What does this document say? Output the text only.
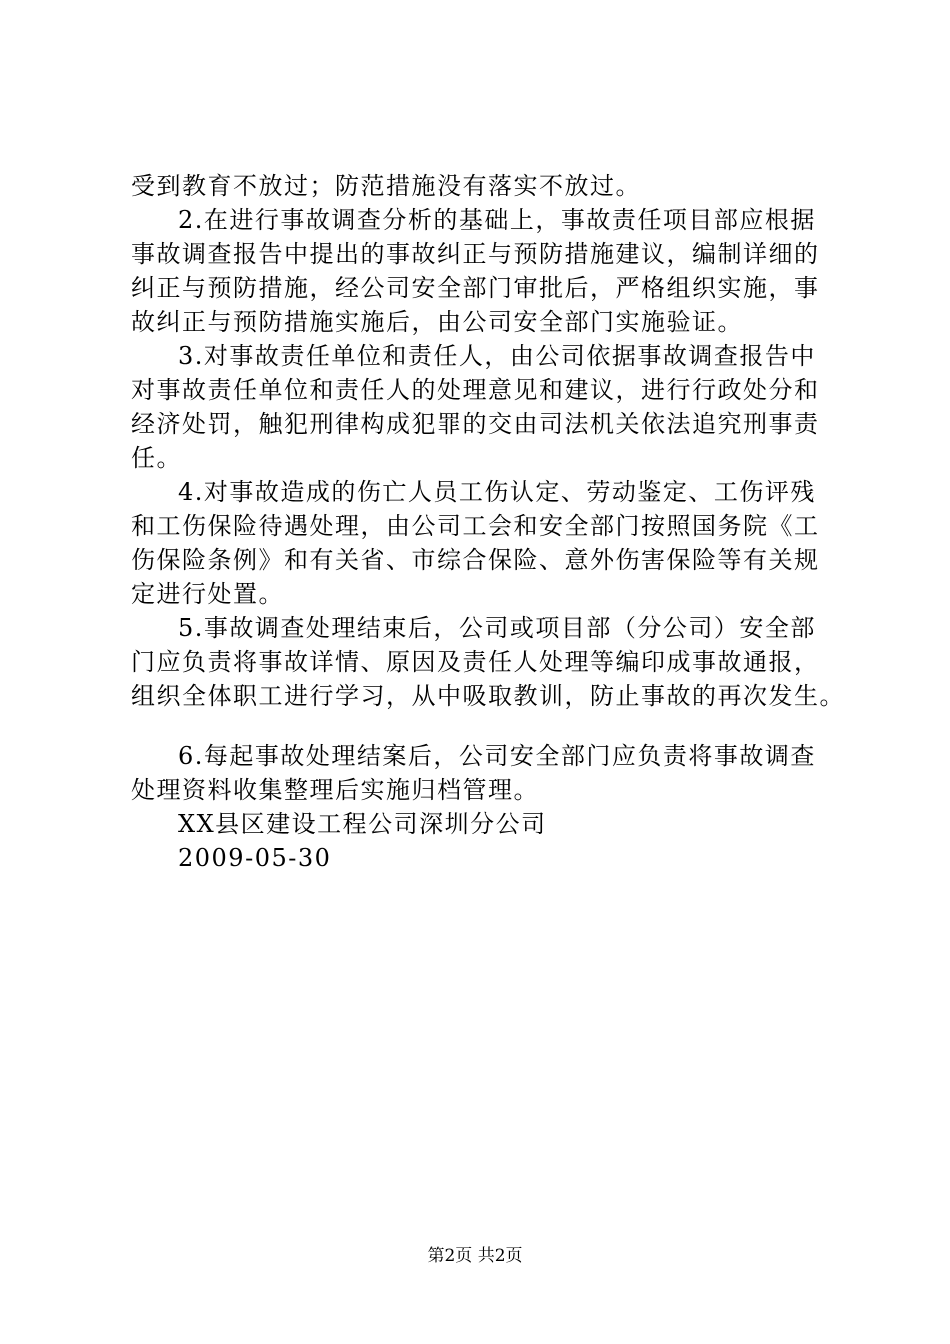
受到教育不放过；防范措施没有落实不放过。
2.在进行事故调查分析的基础上，事故责任项目部应根据
事故调查报告中提出的事故纠正与预防措施建议，编制详细的
纠正与预防措施，经公司安全部门审批后，严格组织实施，事
故纠正与预防措施实施后，由公司安全部门实施验证。
3.对事故责任单位和责任人，由公司依据事故调查报告中
对事故责任单位和责任人的处理意见和建议，进行行政处分和
经济处罚，触犯刑律构成犯罪的交由司法机关依法追究刑事责
任。
4.对事故造成的伤亡人员工伤认定、劳动鉴定、工伤评残
和工伤保险待遇处理，由公司工会和安全部门按照国务院《工
伤保险条例》和有关省、市综合保险、意外伤害保险等有关规
定进行处置。
5.事故调查处理结束后，公司或项目部（分公司）安全部
门应负责将事故详情、原因及责任人处理等编印成事故通报，
组织全体职工进行学习，从中吸取教训，防止事故的再次发生。
6.每起事故处理结案后，公司安全部门应负责将事故调查
处理资料收集整理后实施归档管理。
XX县区建设工程公司深圳分公司
2009-05-30
第2页 共2页
